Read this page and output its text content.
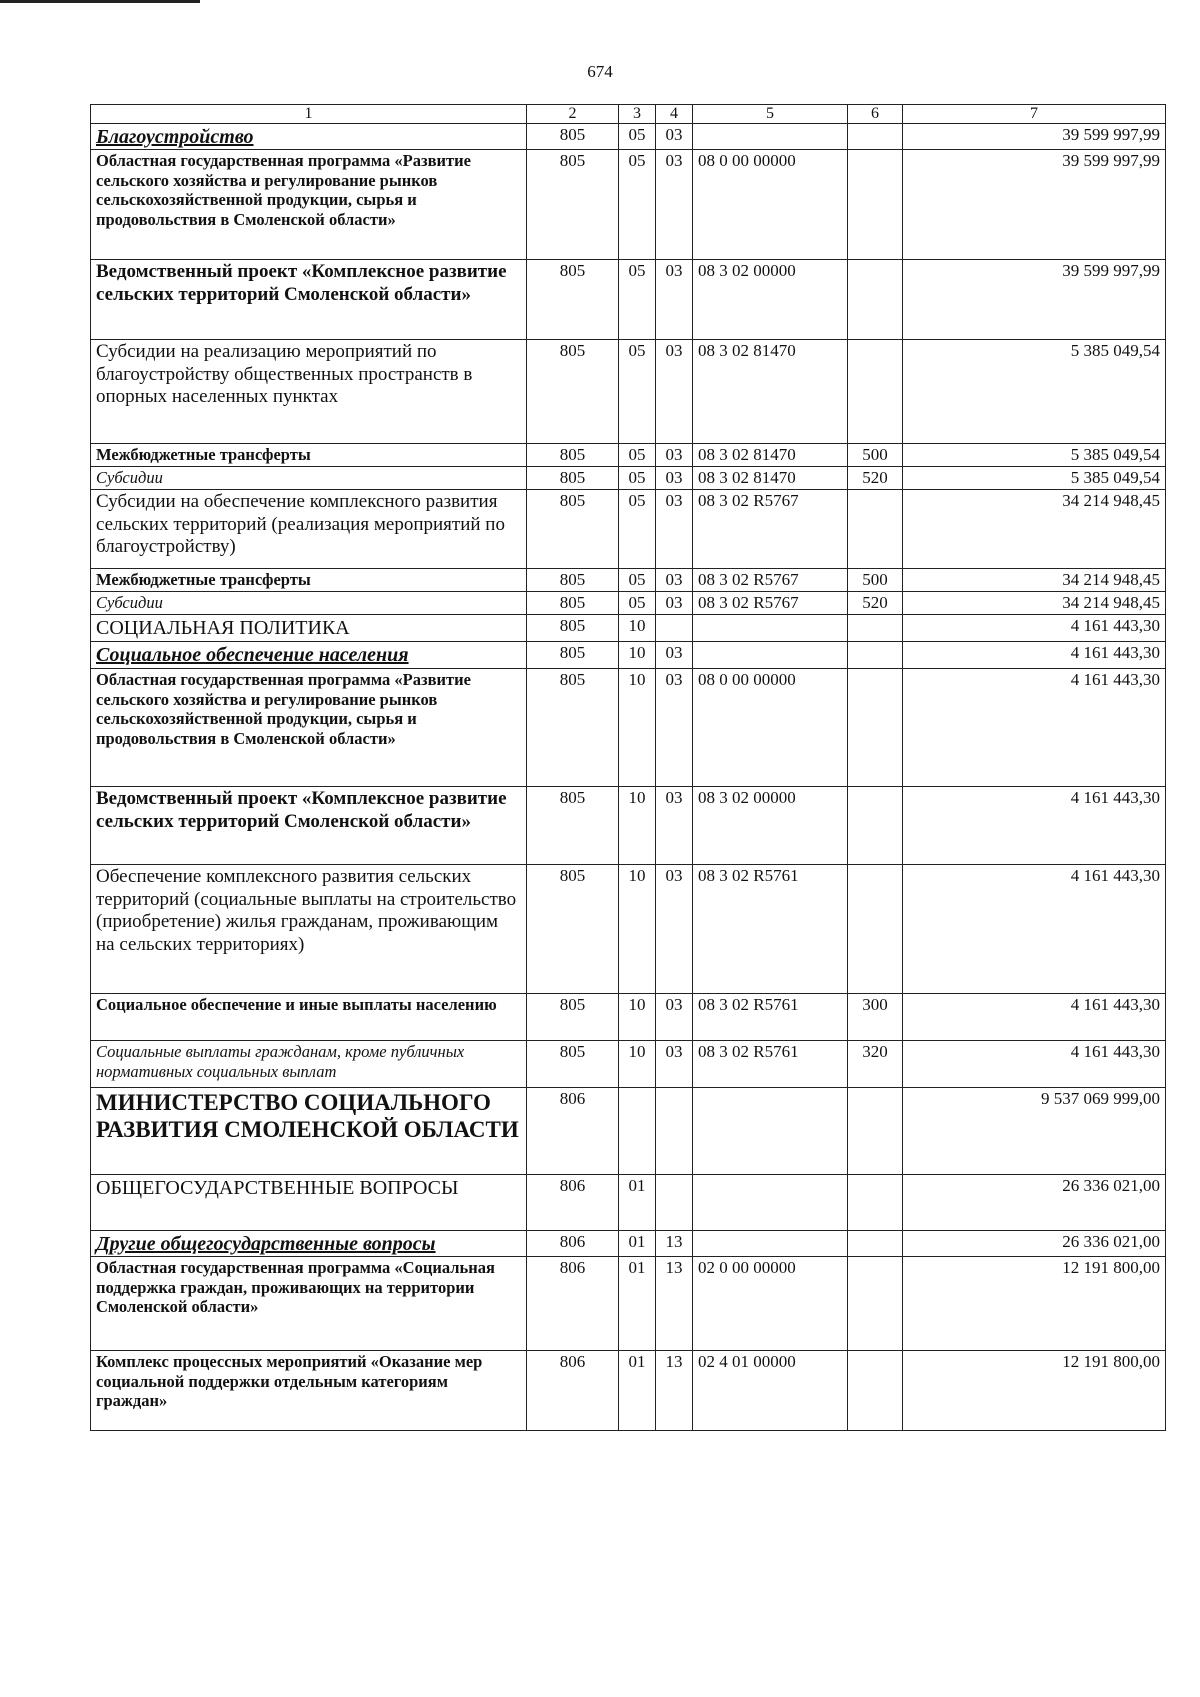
674
1	2	3	4	5	6	7
Благоустройство	805	05	03			39 599 997,99
Областная государственная программа «Развитие сельского хозяйства и регулирование рынков сельскохозяйственной продукции, сырья и продовольствия в Смоленской области»	805	05	03	08 0 00 00000		39 599 997,99
Ведомственный проект «Комплексное развитие сельских территорий Смоленской области»	805	05	03	08 3 02 00000		39 599 997,99
Субсидии на реализацию мероприятий по благоустройству общественных пространств в опорных населенных пунктах	805	05	03	08 3 02 81470		5 385 049,54
Межбюджетные трансферты	805	05	03	08 3 02 81470	500	5 385 049,54
Субсидии	805	05	03	08 3 02 81470	520	5 385 049,54
Субсидии на обеспечение комплексного развития сельских территорий (реализация мероприятий по благоустройству)	805	05	03	08 3 02 R5767		34 214 948,45
Межбюджетные трансферты	805	05	03	08 3 02 R5767	500	34 214 948,45
Субсидии	805	05	03	08 3 02 R5767	520	34 214 948,45
СОЦИАЛЬНАЯ ПОЛИТИКА	805	10				4 161 443,30
Социальное обеспечение населения	805	10	03			4 161 443,30
Областная государственная программа «Развитие сельского хозяйства и регулирование рынков сельскохозяйственной продукции, сырья и продовольствия в Смоленской области»	805	10	03	08 0 00 00000		4 161 443,30
Ведомственный проект «Комплексное развитие сельских территорий Смоленской области»	805	10	03	08 3 02 00000		4 161 443,30
Обеспечение комплексного развития сельских территорий (социальные выплаты на строительство (приобретение) жилья гражданам, проживающим на сельских территориях)	805	10	03	08 3 02 R5761		4 161 443,30
Социальное обеспечение и иные выплаты населению	805	10	03	08 3 02 R5761	300	4 161 443,30
Социальные выплаты гражданам, кроме публичных нормативных социальных выплат	805	10	03	08 3 02 R5761	320	4 161 443,30
МИНИСТЕРСТВО СОЦИАЛЬНОГО РАЗВИТИЯ СМОЛЕНСКОЙ ОБЛАСТИ	806					9 537 069 999,00
ОБЩЕГОСУДАРСТВЕННЫЕ ВОПРОСЫ	806	01				26 336 021,00
Другие общегосударственные вопросы	806	01	13			26 336 021,00
Областная государственная программа «Социальная поддержка граждан, проживающих на территории Смоленской области»	806	01	13	02 0 00 00000		12 191 800,00
Комплекс процессных мероприятий «Оказание мер социальной поддержки отдельным категориям граждан»	806	01	13	02 4 01 00000		12 191 800,00
